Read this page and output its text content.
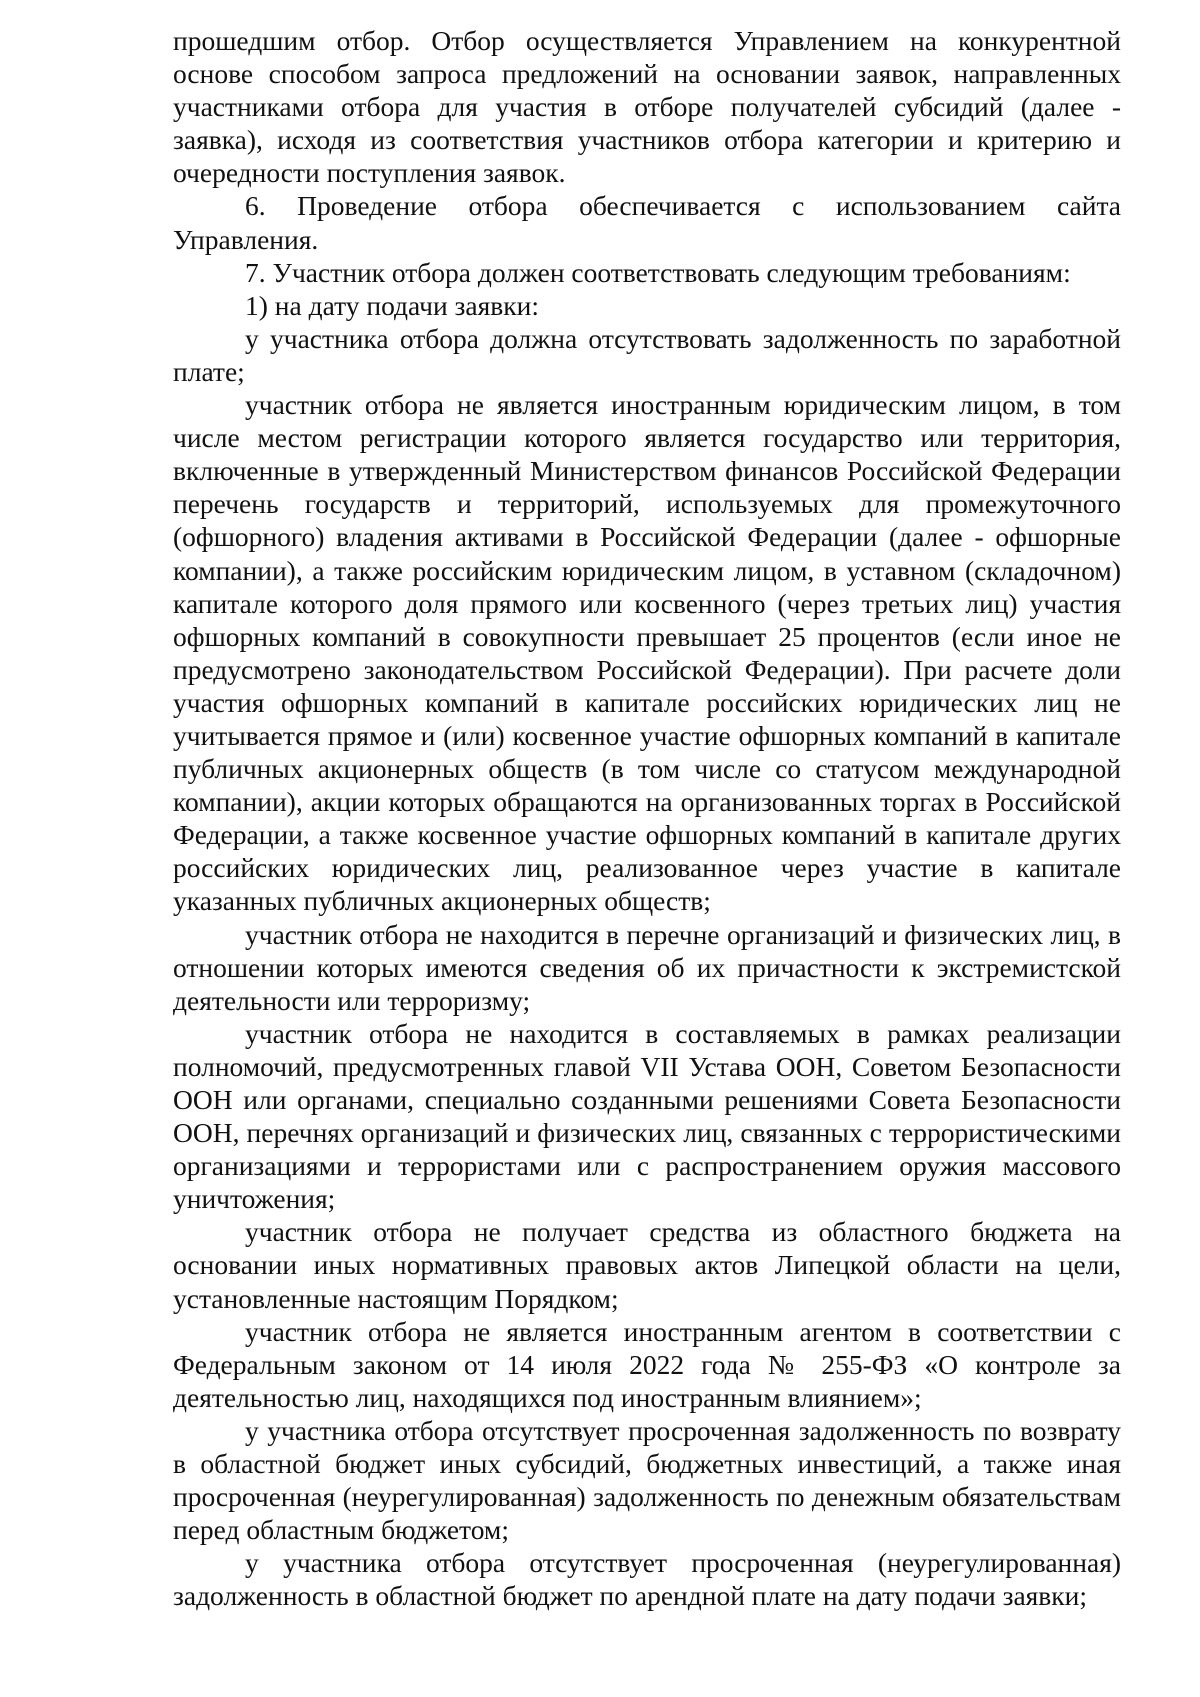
прошедшим отбор. Отбор осуществляется Управлением на конкурентной основе способом запроса предложений на основании заявок, направленных участниками отбора для участия в отборе получателей субсидий (далее - заявка), исходя из соответствия участников отбора категории и критерию и очередности поступления заявок.

6. Проведение отбора обеспечивается с использованием сайта Управления.

7. Участник отбора должен соответствовать следующим требованиям:

1) на дату подачи заявки:

у участника отбора должна отсутствовать задолженность по заработной плате;

участник отбора не является иностранным юридическим лицом, в том числе местом регистрации которого является государство или территория, включенные в утвержденный Министерством финансов Российской Федерации перечень государств и территорий, используемых для промежуточного (офшорного) владения активами в Российской Федерации (далее - офшорные компании), а также российским юридическим лицом, в уставном (складочном) капитале которого доля прямого или косвенного (через третьих лиц) участия офшорных компаний в совокупности превышает 25 процентов (если иное не предусмотрено законодательством Российской Федерации). При расчете доли участия офшорных компаний в капитале российских юридических лиц не учитывается прямое и (или) косвенное участие офшорных компаний в капитале публичных акционерных обществ (в том числе со статусом международной компании), акции которых обращаются на организованных торгах в Российской Федерации, а также косвенное участие офшорных компаний в капитале других российских юридических лиц, реализованное через участие в капитале указанных публичных акционерных обществ;

участник отбора не находится в перечне организаций и физических лиц, в отношении которых имеются сведения об их причастности к экстремистской деятельности или терроризму;

участник отбора не находится в составляемых в рамках реализации полномочий, предусмотренных главой VII Устава ООН, Советом Безопасности ООН или органами, специально созданными решениями Совета Безопасности ООН, перечнях организаций и физических лиц, связанных с террористическими организациями и террористами или с распространением оружия массового уничтожения;

участник отбора не получает средства из областного бюджета на основании иных нормативных правовых актов Липецкой области на цели, установленные настоящим Порядком;

участник отбора не является иностранным агентом в соответствии с Федеральным законом от 14 июля 2022 года № 255-ФЗ «О контроле за деятельностью лиц, находящихся под иностранным влиянием»;

у участника отбора отсутствует просроченная задолженность по возврату в областной бюджет иных субсидий, бюджетных инвестиций, а также иная просроченная (неурегулированная) задолженность по денежным обязательствам перед областным бюджетом;

у участника отбора отсутствует просроченная (неурегулированная) задолженность в областной бюджет по арендной плате на дату подачи заявки;
